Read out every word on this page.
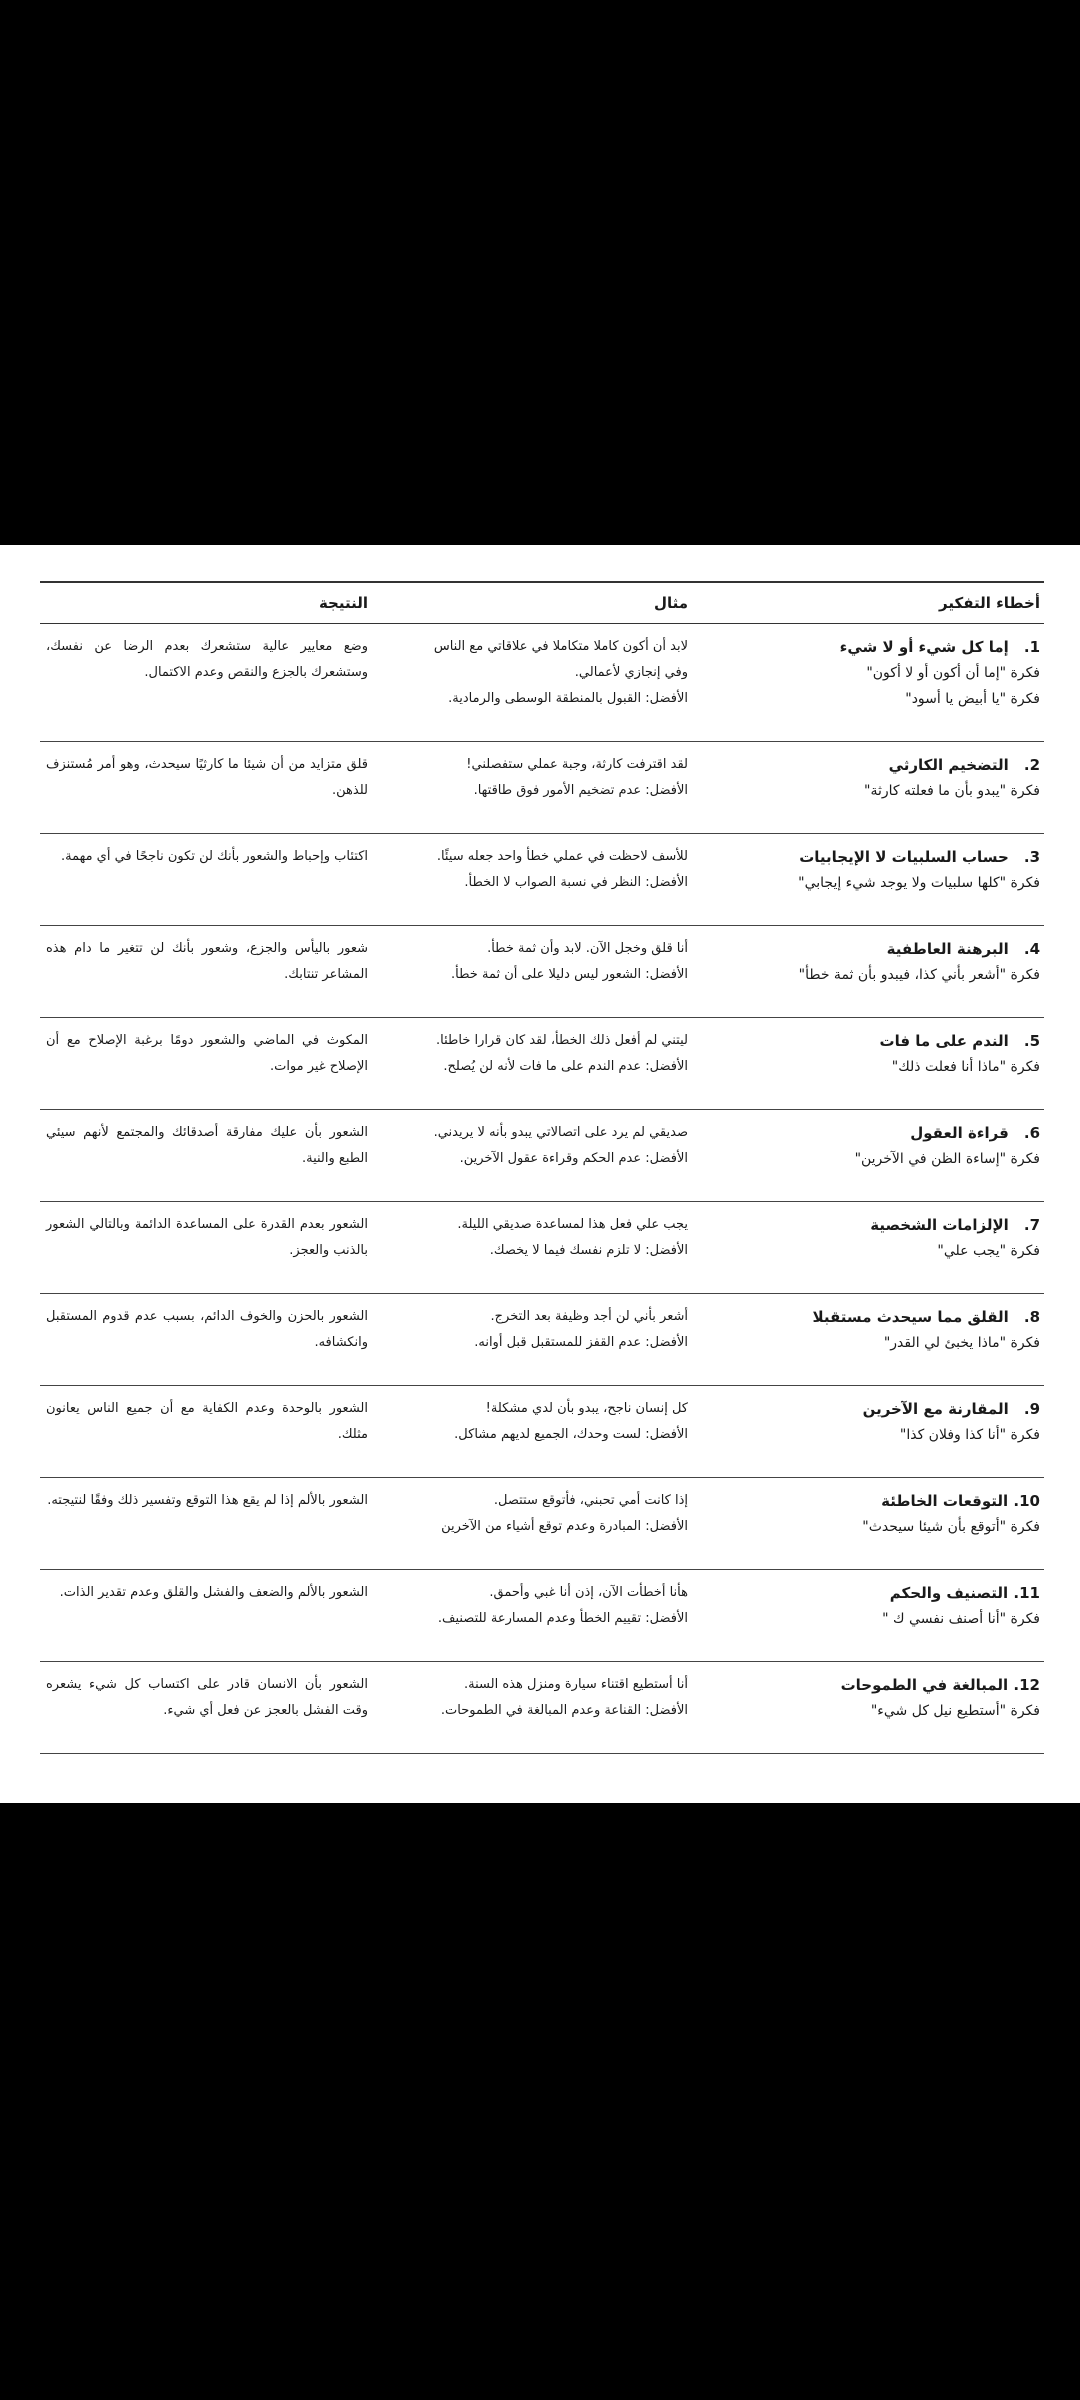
أخطاء التفكير
مثال
النتيجة
1. إما كل شيء أو لا شيء
فكرة "إما أن أكون أو لا أكون"
فكرة "يا أبيض يا أسود"
لابد أن أكون كاملا متكاملا في علاقاتي مع الناس
وفي إنجازي لأعمالي.
الأفضل: القبول بالمنطقة الوسطى والرمادية.
وضع معايير عالية ستشعرك بعدم الرضا عن نفسك، وستشعرك بالجزع والنقص وعدم الاكتمال.
2. التضخيم الكارثي
فكرة "يبدو بأن ما فعلته كارثة"
لقد اقترفت كارثة، وجبة عملي ستفصلني!
الأفضل: عدم تضخيم الأمور فوق طاقتها.
قلق متزايد من أن شيئا ما كارثيًا سيحدث، وهو أمر مُستنزف للذهن.
3. حساب السلبيات لا الإيجابيات
فكرة "كلها سلبيات ولا يوجد شيء إيجابي"
للأسف لاحظت في عملي خطأ واحد جعله سيئًا.
الأفضل: النظر في نسبة الصواب لا الخطأ.
اكتئاب وإحباط والشعور بأنك لن تكون ناجحًا في أي مهمة.
4. البرهنة العاطفية
فكرة "أشعر بأني كذا، فيبدو بأن ثمة خطأ"
أنا قلق وخجل الآن. لابد وأن ثمة خطأ.
الأفضل: الشعور ليس دليلا على أن ثمة خطأ.
شعور باليأس والجزع، وشعور بأنك لن تتغير ما دام هذه المشاعر تنتابك.
5. الندم على ما فات
فكرة "ماذا أنا فعلت ذلك"
ليتني لم أفعل ذلك الخطأ، لقد كان قرارا خاطئا.
الأفضل: عدم الندم على ما فات لأنه لن يُصلح.
المكوث في الماضي والشعور دومًا برغبة الإصلاح مع أن الإصلاح غير موات.
6. قراءة العقول
فكرة "إساءة الظن في الآخرين"
صديقي لم يرد على اتصالاتي يبدو بأنه لا يريدني.
الأفضل: عدم الحكم وقراءة عقول الآخرين.
الشعور بأن عليك مفارقة أصدقائك والمجتمع لأنهم سيئي الطبع والنية.
7. الإلزامات الشخصية
فكرة "يجب علي"
يجب علي فعل هذا لمساعدة صديقي الليلة.
الأفضل: لا تلزم نفسك فيما لا يخصك.
الشعور بعدم القدرة على المساعدة الدائمة وبالتالي الشعور بالذنب والعجز.
8. القلق مما سيحدث مستقبلا
فكرة "ماذا يخبئ لي القدر"
أشعر بأني لن أجد وظيفة بعد التخرج.
الأفضل: عدم القفز للمستقبل قبل أوانه.
الشعور بالحزن والخوف الدائم، بسبب عدم قدوم المستقبل وانكشافه.
9. المقارنة مع الآخرين
فكرة "أنا كذا وفلان كذا"
كل إنسان ناجح، يبدو بأن لدي مشكلة!
الأفضل: لست وحدك، الجميع لديهم مشاكل.
الشعور بالوحدة وعدم الكفاية مع أن جميع الناس يعانون مثلك.
10. التوقعات الخاطئة
فكرة "أتوقع بأن شيئا سيحدث"
إذا كانت أمي تحبني، فأتوقع ستتصل.
الأفضل: المبادرة وعدم توقع أشياء من الآخرين
الشعور بالألم إذا لم يقع هذا التوقع وتفسير ذلك وفقًا لنتيجته.
11. التصنيف والحكم
فكرة "أنا أصنف نفسي ك "
هأنا أخطأت الآن، إذن أنا غبي وأحمق.
الأفضل: تقييم الخطأ وعدم المسارعة للتصنيف.
الشعور بالألم والضعف والفشل والقلق وعدم تقدير الذات.
12. المبالغة في الطموحات
فكرة "أستطيع نيل كل شيء"
أنا أستطيع اقتناء سيارة ومنزل هذه السنة.
الأفضل: القناعة وعدم المبالغة في الطموحات.
الشعور بأن الانسان قادر على اكتساب كل شيء يشعره وقت الفشل بالعجز عن فعل أي شيء.
